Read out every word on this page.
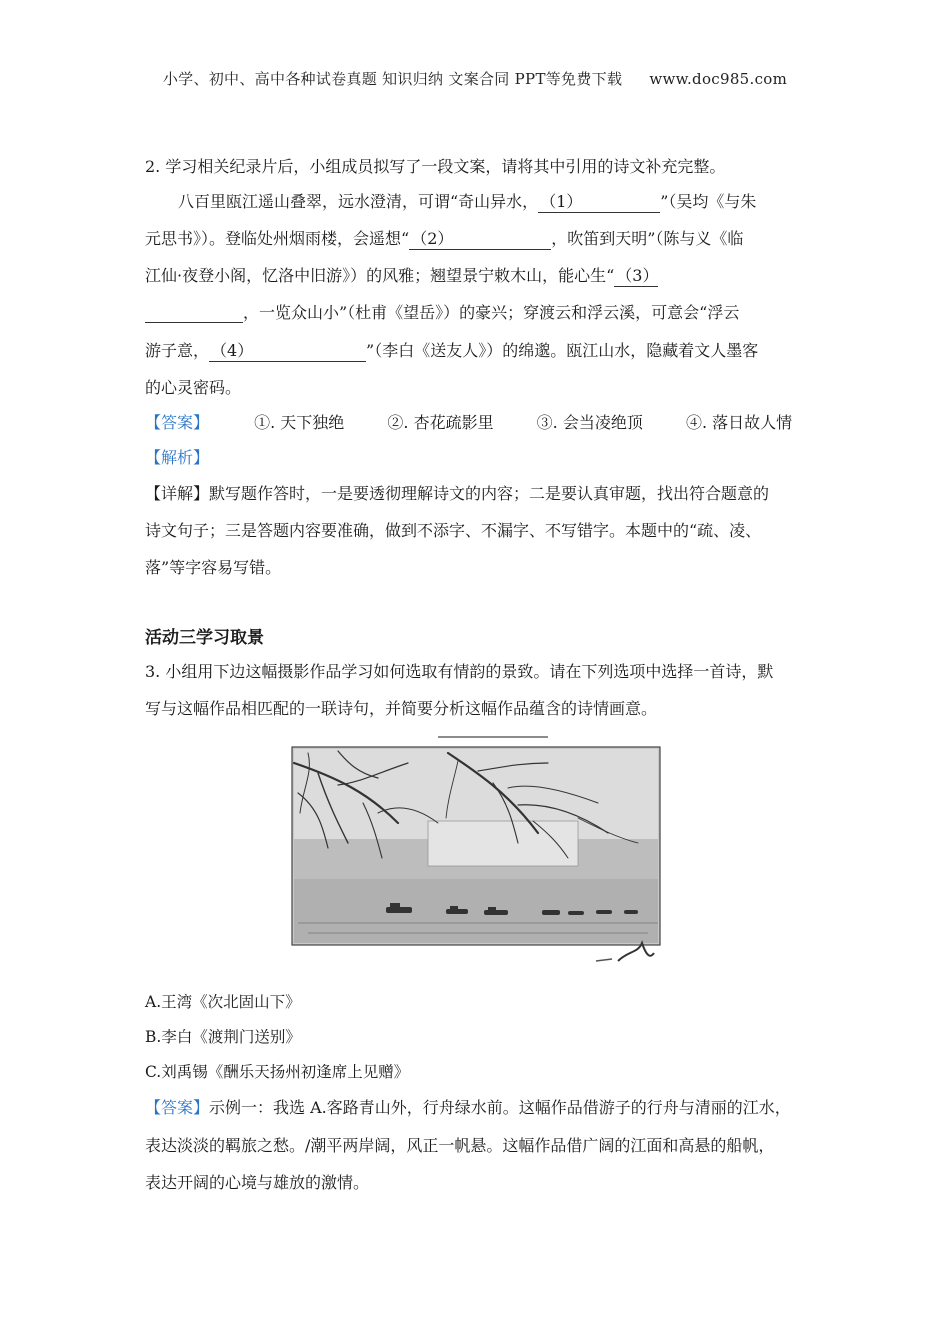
小学、初中、高中各种试卷真题 知识归纳 文案合同 PPT等免费下载 www.doc985.com
2. 学习相关纪录片后，小组成员拟写了一段文案，请将其中引用的诗文补充完整。
八百里瓯江遥山叠翠，远水澄清，可谓“奇山异水， （1）	”（吴均《与朱
元思书》）。登临处州烟雨楼，会遥想“ （2）	，吹笛到天明”（陈与义《临
江仙·夜登小阁，忆洛中旧游》）的风雅；翘望景宁敕木山，能心生“ （3）
，一览众山小”（杜甫《望岳》）的豪兴；穿渡云和浮云溪，可意会“浮云
游子意， （4）	”（李白《送友人》）的绵邈。瓯江山水，隐藏着文人墨客
的心灵密码。
【答案】	①. 天下独绝	②. 杏花疏影里	③. 会当凌绝顶	④. 落日故人情
【解析】
【详解】默写题作答时，一是要透彻理解诗文的内容；二是要认真审题，找出符合题意的
诗文句子；三是答题内容要准确，做到不添字、不漏字、不写错字。本题中的“疏、凌、
落”等字容易写错。
活动三学习取景
3. 小组用下边这幅摄影作品学习如何选取有情韵的景致。请在下列选项中选择一首诗，默
写与这幅作品相匹配的一联诗句，并简要分析这幅作品蕴含的诗情画意。
A.王湾《次北固山下》
B.李白《渡荆门送别》
C.刘禹锡《酬乐天扬州初逢席上见赠》
【答案】示例一：我选 A.客路青山外，行舟绿水前。这幅作品借游子的行舟与清丽的江水，
表达淡淡的羁旅之愁。/潮平两岸阔，风正一帆悬。这幅作品借广阔的江面和高悬的船帆，
表达开阔的心境与雄放的激情。
